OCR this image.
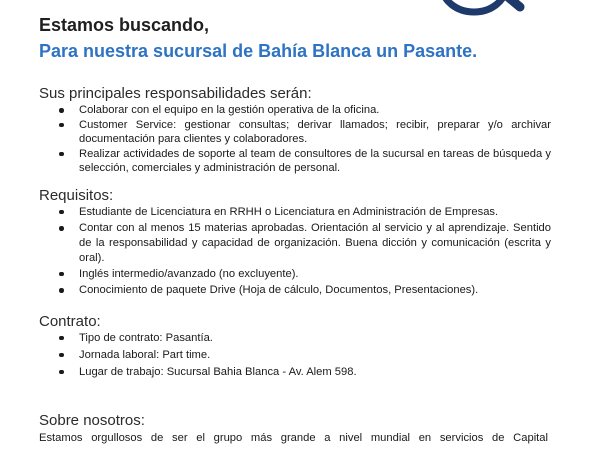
Estamos buscando,
Para nuestra sucursal de Bahía Blanca un Pasante.

Sus principales responsabilidades serán:

Colaborar con el equipo en la gestión operativa de la oficina.
Customer Service: gestionar consultas; derivar llamados; recibir, preparar y/o archivar documentación para clientes y colaboradores.
Realizar actividades de soporte al team de consultores de la sucursal en tareas de búsqueda y selección, comerciales y administración de personal.

Requisitos:

Estudiante de Licenciatura en RRHH o Licenciatura en Administración de Empresas.
Contar con al menos 15 materias aprobadas. Orientación al servicio y al aprendizaje. Sentido de la responsabilidad y capacidad de organización. Buena dicción y comunicación (escrita y oral).
Inglés intermedio/avanzado (no excluyente).
Conocimiento de paquete Drive (Hoja de cálculo, Documentos, Presentaciones).

Contrato:

Tipo de contrato: Pasantía.
Jornada laboral: Part time.
Lugar de trabajo: Sucursal Bahia Blanca - Av. Alem 598.

Sobre nosotros:

Estamos orgullosos de ser el grupo más grande a nivel mundial en servicios de Capital
